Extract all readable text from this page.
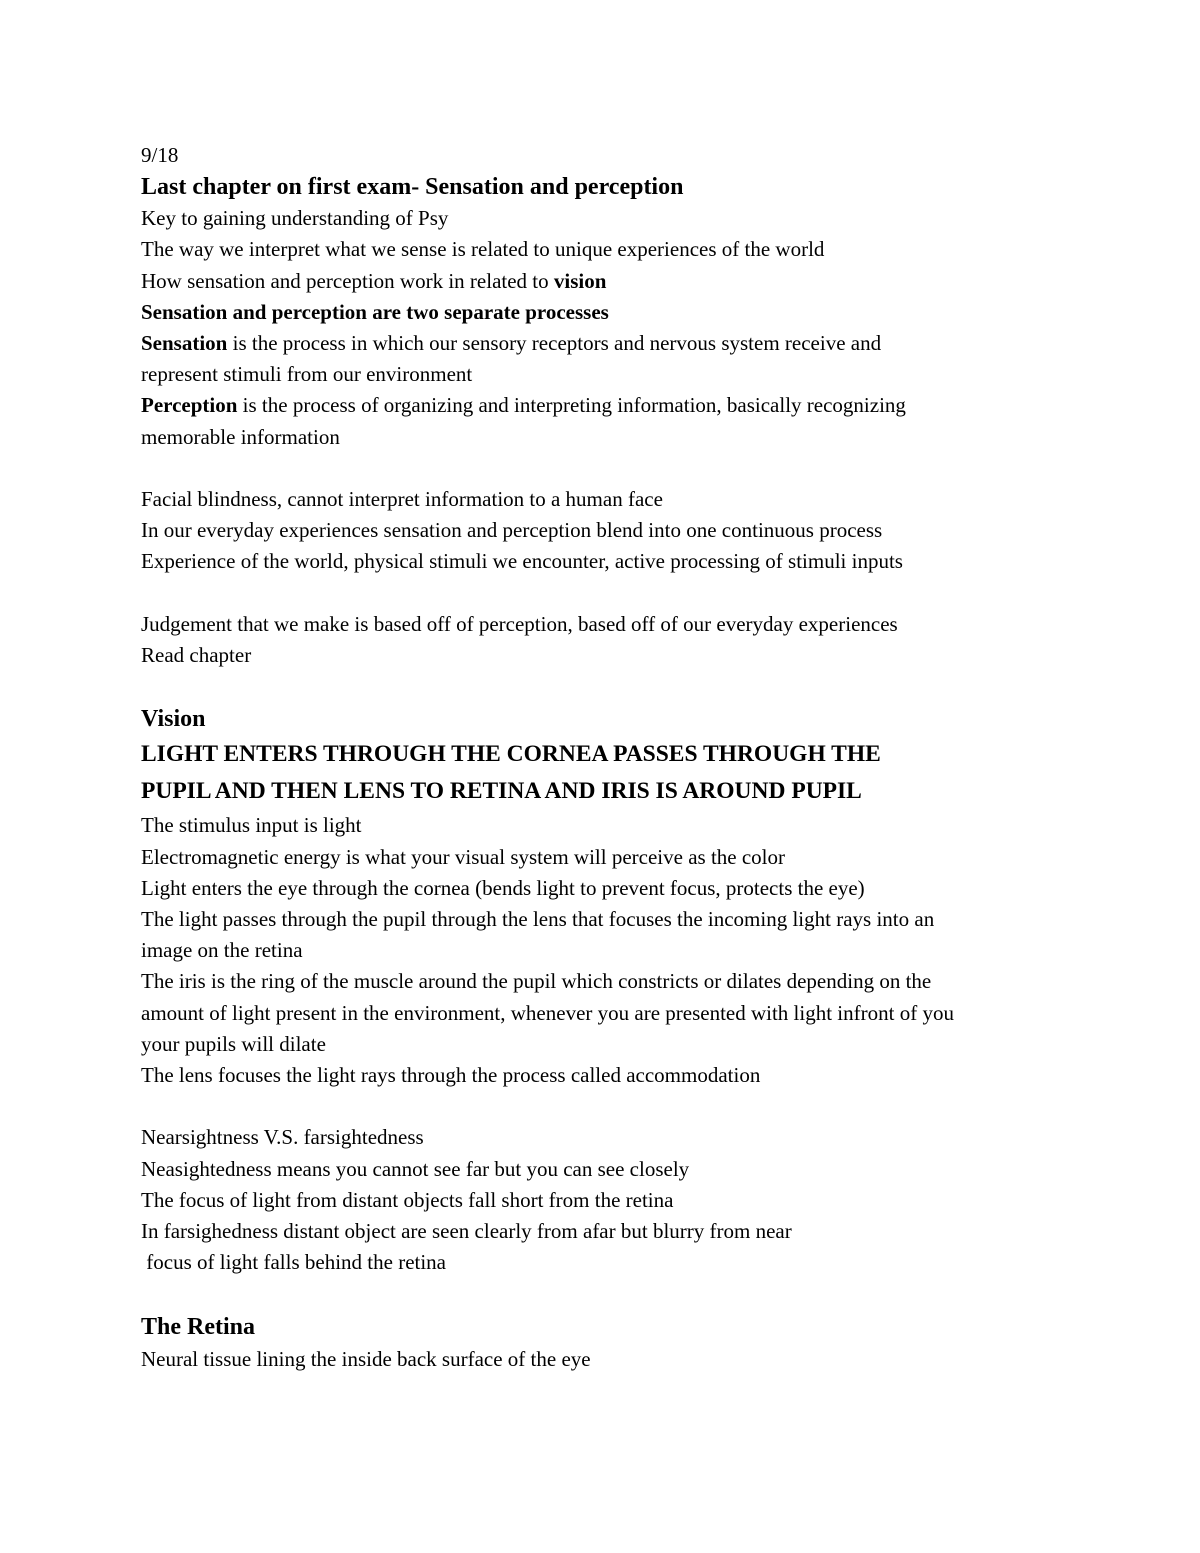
9/18

Last chapter on first exam- Sensation and perception

Key to gaining understanding of Psy

The way we interpret what we sense is related to unique experiences of the world

How sensation and perception work in related to vision

Sensation and perception are two separate processes

Sensation is the process in which our sensory receptors and nervous system receive and

represent stimuli from our environment

Perception is the process of organizing and interpreting information, basically recognizing

memorable information

Facial blindness, cannot interpret information to a human face

In our everyday experiences sensation and perception blend into one continuous process

Experience of the world, physical stimuli we encounter, active processing of stimuli inputs

Judgement that we make is based off of perception, based off of our everyday experiences

Read chapter

Vision

LIGHT ENTERS THROUGH THE CORNEA PASSES THROUGH THE

PUPIL AND THEN LENS TO RETINA AND IRIS IS AROUND PUPIL

The stimulus input is light

Electromagnetic energy is what your visual system will perceive as the color

Light enters the eye through the cornea (bends light to prevent focus, protects the eye)

The light passes through the pupil through the lens that focuses the incoming light rays into an

image on the retina

The iris is the ring of the muscle around the pupil which constricts or dilates depending on the

amount of light present in the environment, whenever you are presented with light infront of you

your pupils will dilate

The lens focuses the light rays through the process called accommodation

Nearsightness V.S. farsightedness

Neasightedness means you cannot see far but you can see closely

The focus of light from distant objects fall short from the retina

In farsighedness distant object are seen clearly from afar but blurry from near

focus of light falls behind the retina

The Retina

Neural tissue lining the inside back surface of the eye
